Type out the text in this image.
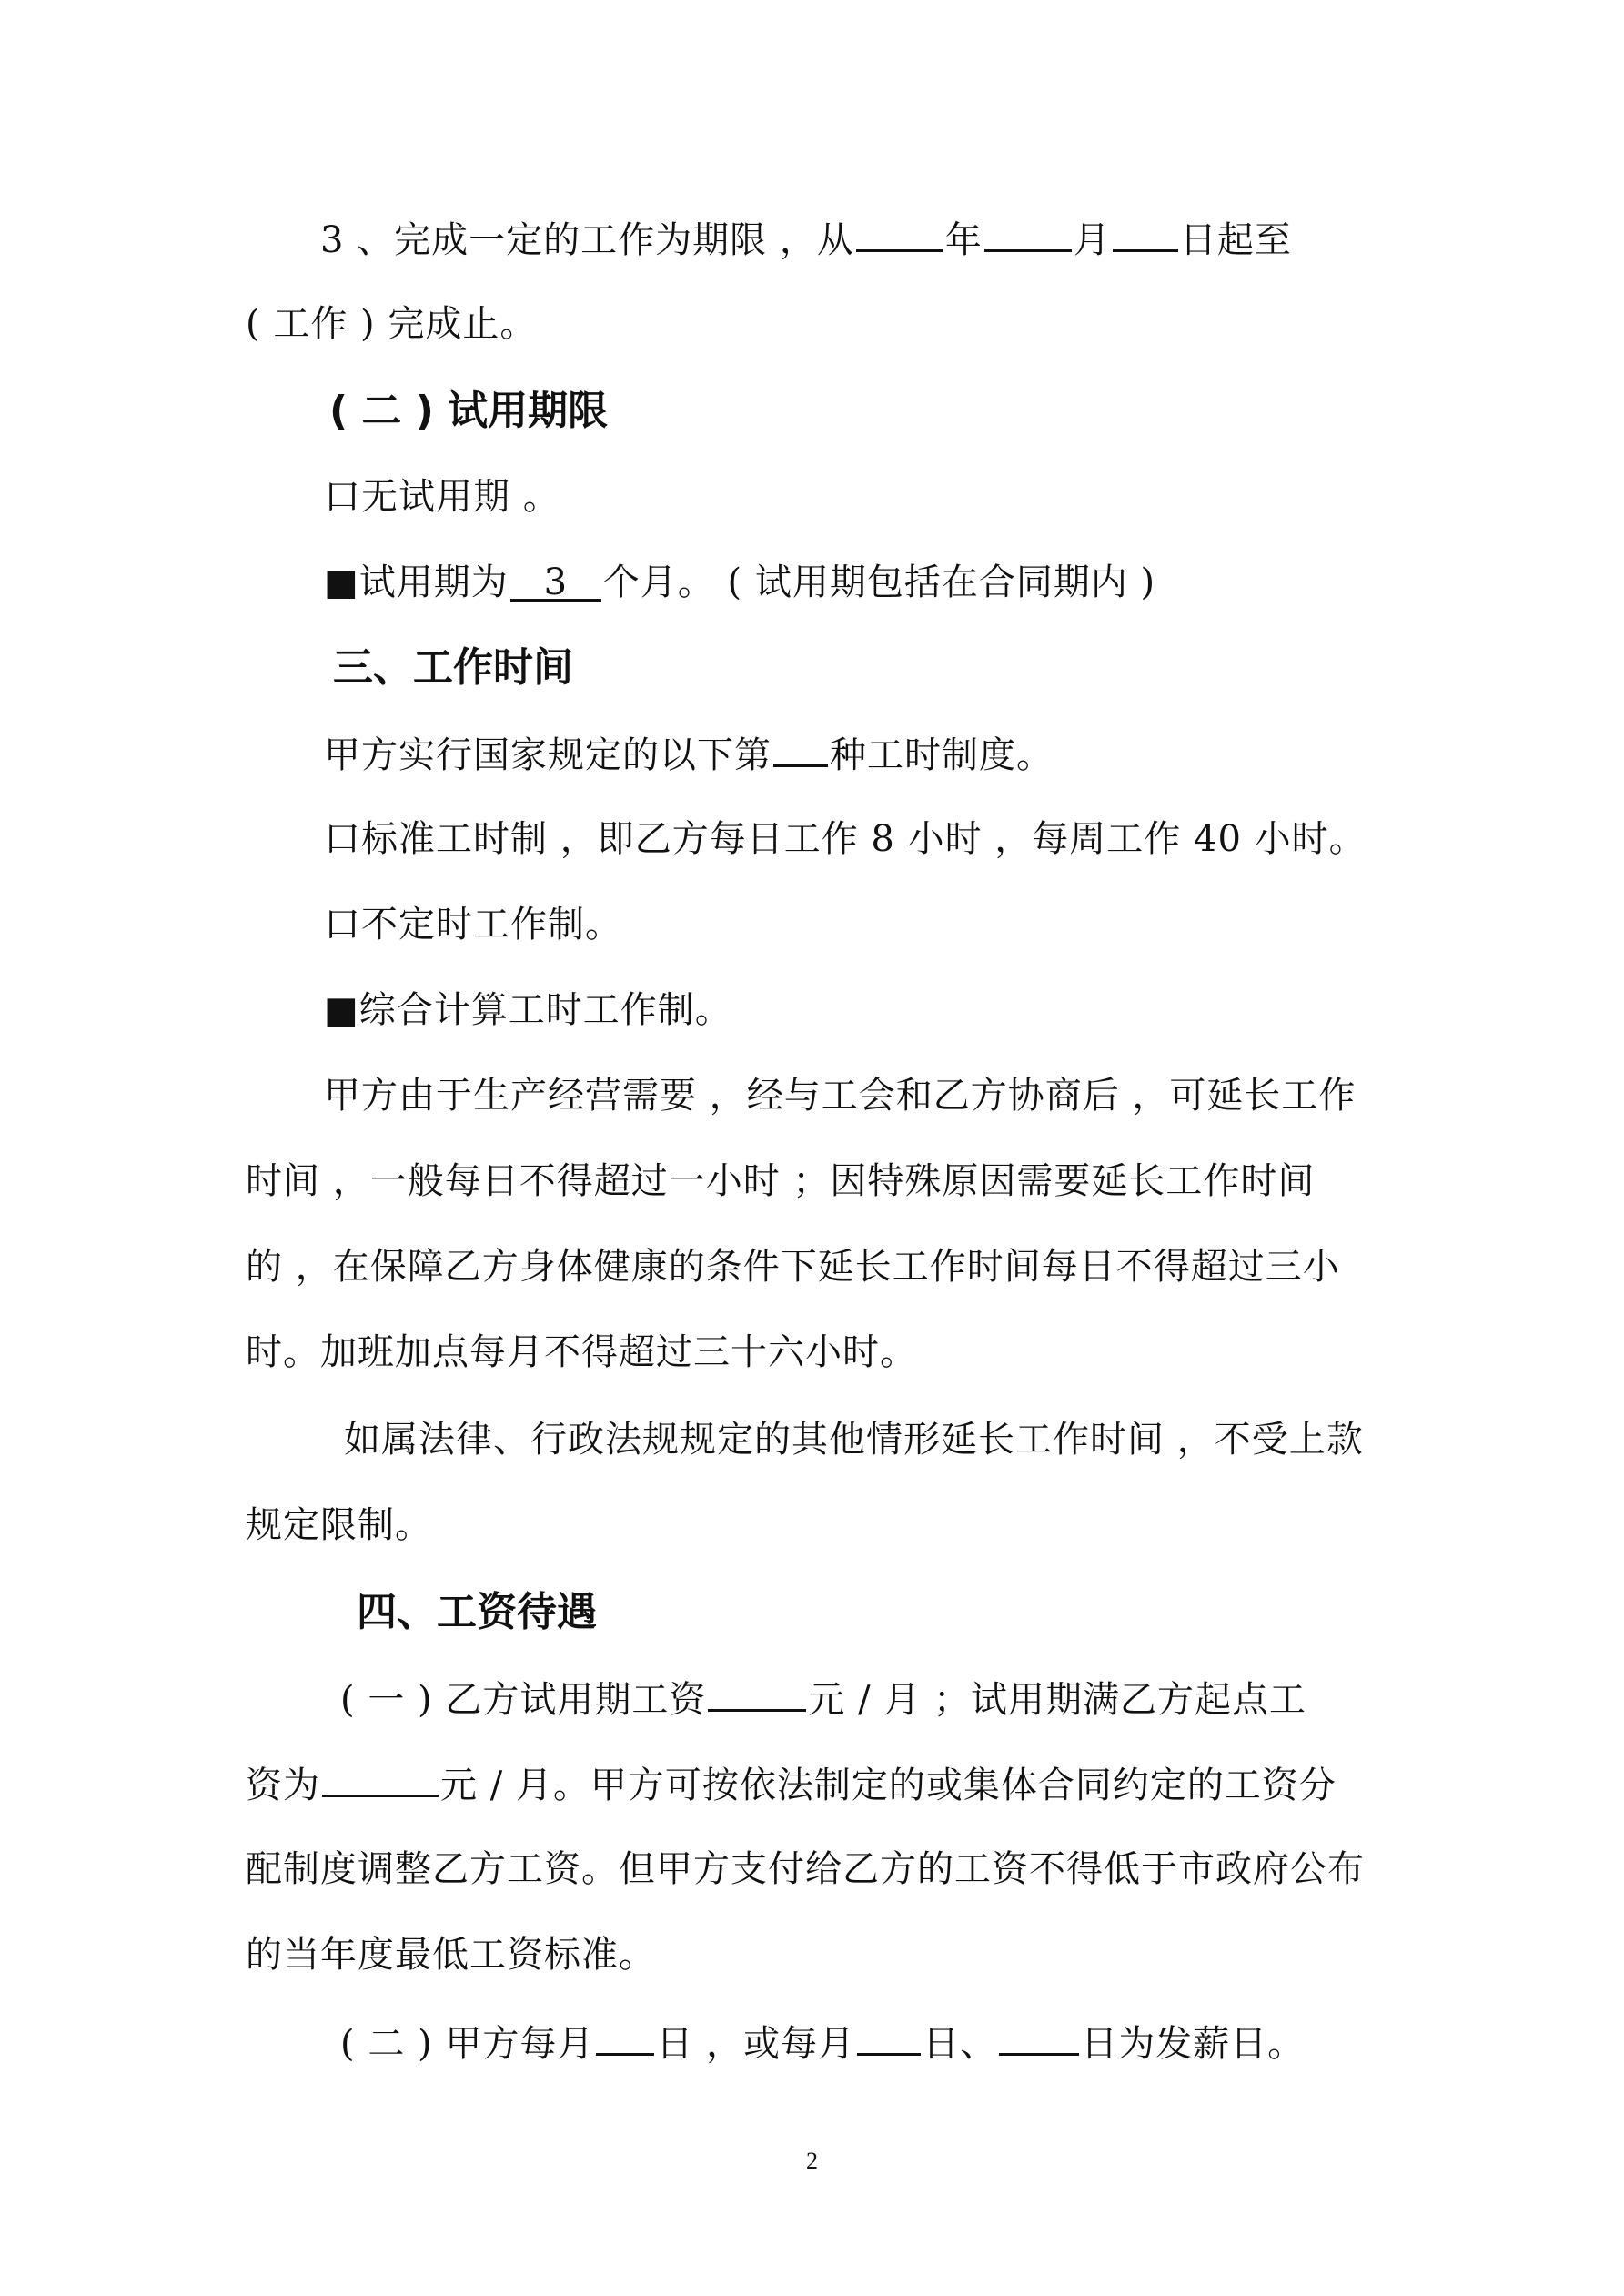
3 、完成一定的工作为期限 ，从	年	月 日起至
( 工作 ) 完成止。
( 二 ) 试用期限
口无试用期 。
■试用期为 3 个月。 ( 试用期包括在合同期内 )
三、工作时间
甲方实行国家规定的以下第 种工时制度。
口标准工时制 ，即乙方每日工作 8 小时 ，每周工作 40 小时。
口不定时工作制。
■综合计算工时工作制。
甲方由于生产经营需要 ，经与工会和乙方协商后 ，可延长工作
时间 ，一般每日不得超过一小时 ；因特殊原因需要延长工作时间
的 ，在保障乙方身体健康的条件下延长工作时间每日不得超过三小
时。加班加点每月不得超过三十六小时。
如属法律、行政法规规定的其他情形延长工作时间 ，不受上款
规定限制。
四、工资待遇
( 一 ) 乙方试用期工资	元 / 月 ；试用期满乙方起点工
资为	元 / 月。甲方可按依法制定的或集体合同约定的工资分
配制度调整乙方工资。但甲方支付给乙方的工资不得低于市政府公布
的当年度最低工资标准。
( 二 ) 甲方每月 日 ，或每月 日、 日为发薪日。
2
